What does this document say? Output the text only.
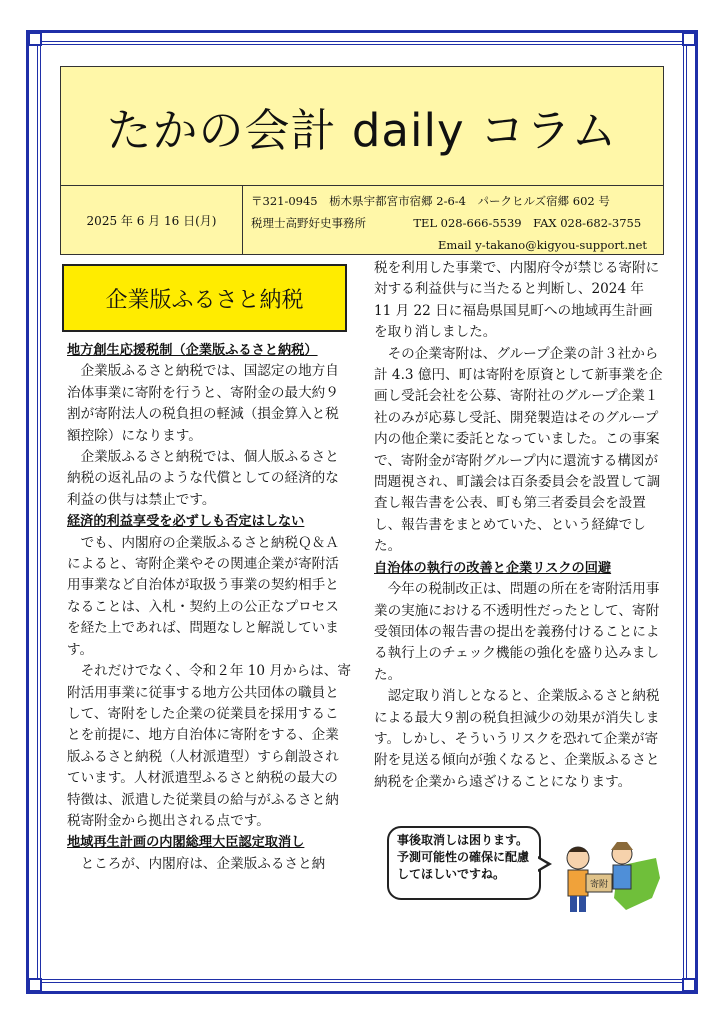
たかの会計 daily コラム
2025 年 6 月 16 日(月)
〒321-0945　栃木県宇都宮市宿郷 2-6-4　パークヒルズ宿郷 602 号
税理士高野好史事務所	TEL 028-666-5539　FAX 028-682-3755
Email y-takano@kigyou-support.net
企業版ふるさと納税

地方創生応援税制（企業版ふるさと納税）

企業版ふるさと納税では、国認定の地方自治体事業に寄附を行うと、寄附金の最大約９割が寄附法人の税負担の軽減（損金算入と税額控除）になります。

企業版ふるさと納税では、個人版ふるさと納税の返礼品のような代償としての経済的な利益の供与は禁止です。

経済的利益享受を必ずしも否定はしない

でも、内閣府の企業版ふるさと納税Ｑ＆Ａによると、寄附企業やその関連企業が寄附活用事業など自治体が取扱う事業の契約相手となることは、入札・契約上の公正なプロセスを経た上であれば、問題なしと解説しています。

それだけでなく、令和２年 10 月からは、寄附活用事業に従事する地方公共団体の職員として、寄附をした企業の従業員を採用することを前提に、地方自治体に寄附をする、企業版ふるさと納税（人材派遣型）すら創設されています。人材派遣型ふるさと納税の最大の特徴は、派遣した従業員の給与がふるさと納税寄附金から拠出される点です。

地域再生計画の内閣総理大臣認定取消し

ところが、内閣府は、企業版ふるさと納

税を利用した事業で、内閣府令が禁じる寄附に対する利益供与に当たると判断し、2024 年 11 月 22 日に福島県国見町への地域再生計画を取り消しました。

その企業寄附は、グループ企業の計３社から計 4.3 億円、町は寄附を原資として新事業を企画し受託会社を公募、寄附社のグループ企業１社のみが応募し受託、開発製造はそのグループ内の他企業に委託となっていました。この事案で、寄附金が寄附グループ内に還流する構図が問題視され、町議会は百条委員会を設置して調査し報告書を公表、町も第三者委員会を設置し、報告書をまとめていた、という経緯でした。

自治体の執行の改善と企業リスクの回避

今年の税制改正は、問題の所在を寄附活用事業の実施における不透明性だったとして、寄附受領団体の報告書の提出を義務付けることによる執行上のチェック機能の強化を盛り込みました。

認定取り消しとなると、企業版ふるさと納税による最大９割の税負担減少の効果が消失します。しかし、そういうリスクを恐れて企業が寄附を見送る傾向が強くなると、企業版ふるさと納税を企業から遠ざけることになります。

事後取消しは困ります。予測可能性の確保に配慮してほしいですね。
寄附
